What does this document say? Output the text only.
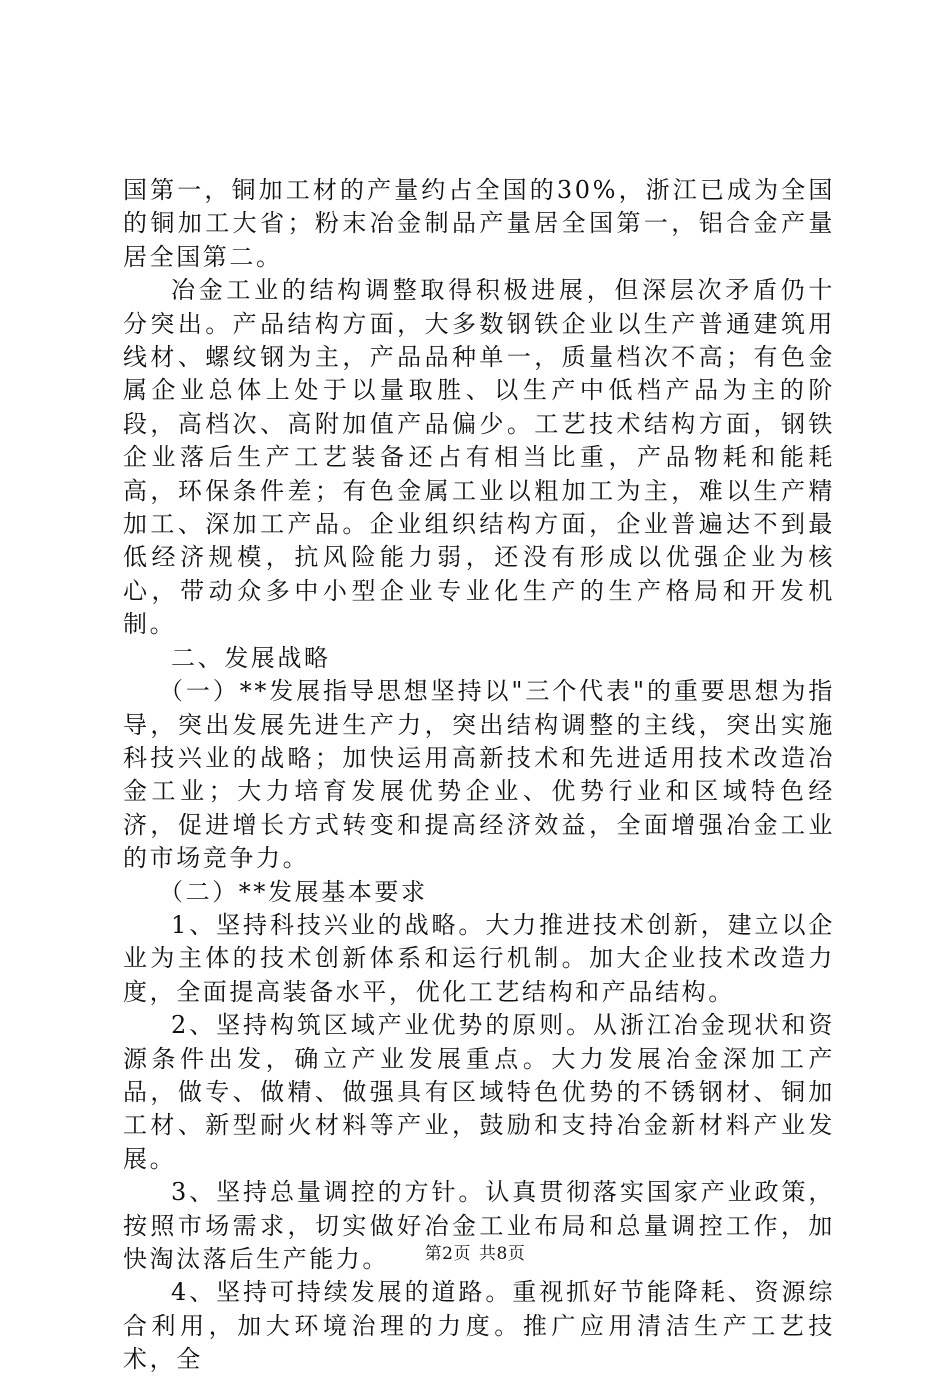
国第一，铜加工材的产量约占全国的30%，浙江已成为全国的铜加工大省；粉末冶金制品产量居全国第一，铝合金产量居全国第二。

冶金工业的结构调整取得积极进展，但深层次矛盾仍十分突出。产品结构方面，大多数钢铁企业以生产普通建筑用线材、螺纹钢为主，产品品种单一，质量档次不高；有色金属企业总体上处于以量取胜、以生产中低档产品为主的阶段，高档次、高附加值产品偏少。工艺技术结构方面，钢铁企业落后生产工艺装备还占有相当比重，产品物耗和能耗高，环保条件差；有色金属工业以粗加工为主，难以生产精加工、深加工产品。企业组织结构方面，企业普遍达不到最低经济规模，抗风险能力弱，还没有形成以优强企业为核心，带动众多中小型企业专业化生产的生产格局和开发机制。

二、发展战略

（一）**发展指导思想坚持以"三个代表"的重要思想为指导，突出发展先进生产力，突出结构调整的主线，突出实施科技兴业的战略；加快运用高新技术和先进适用技术改造冶金工业；大力培育发展优势企业、优势行业和区域特色经济，促进增长方式转变和提高经济效益，全面增强冶金工业的市场竞争力。

（二）**发展基本要求

1、坚持科技兴业的战略。大力推进技术创新，建立以企业为主体的技术创新体系和运行机制。加大企业技术改造力度，全面提高装备水平，优化工艺结构和产品结构。

2、坚持构筑区域产业优势的原则。从浙江冶金现状和资源条件出发，确立产业发展重点。大力发展冶金深加工产品，做专、做精、做强具有区域特色优势的不锈钢材、铜加工材、新型耐火材料等产业，鼓励和支持冶金新材料产业发展。

3、坚持总量调控的方针。认真贯彻落实国家产业政策，按照市场需求，切实做好冶金工业布局和总量调控工作，加快淘汰落后生产能力。

4、坚持可持续发展的道路。重视抓好节能降耗、资源综合利用，加大环境治理的力度。推广应用清洁生产工艺技术，全

第2页 共8页
